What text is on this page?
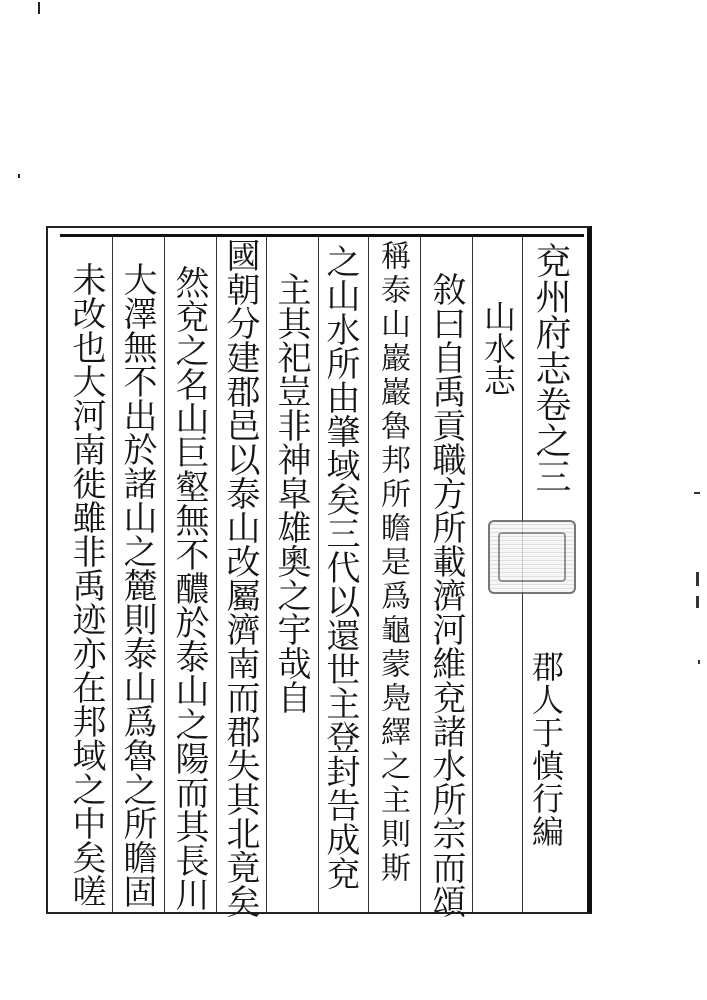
兗州府志卷之三
郡人于慎行編
山水志
敘曰自禹貢職方所載濟河維兗諸水所宗而頌
稱泰山巖巖魯邦所瞻是爲龜蒙鳧繹之主則斯
之山水所由肇域矣三代以還世主登封告成兗
主其祀豈非神皐雄奧之宇哉自
國朝分建郡邑以泰山改屬濟南而郡失其北竟矣
然兗之名山巨壑無不醲於泰山之陽而其長川
大澤無不出於諸山之麓則泰山爲魯之所瞻固
未改也大河南徙雖非禹迹亦在邦域之中矣嗟
